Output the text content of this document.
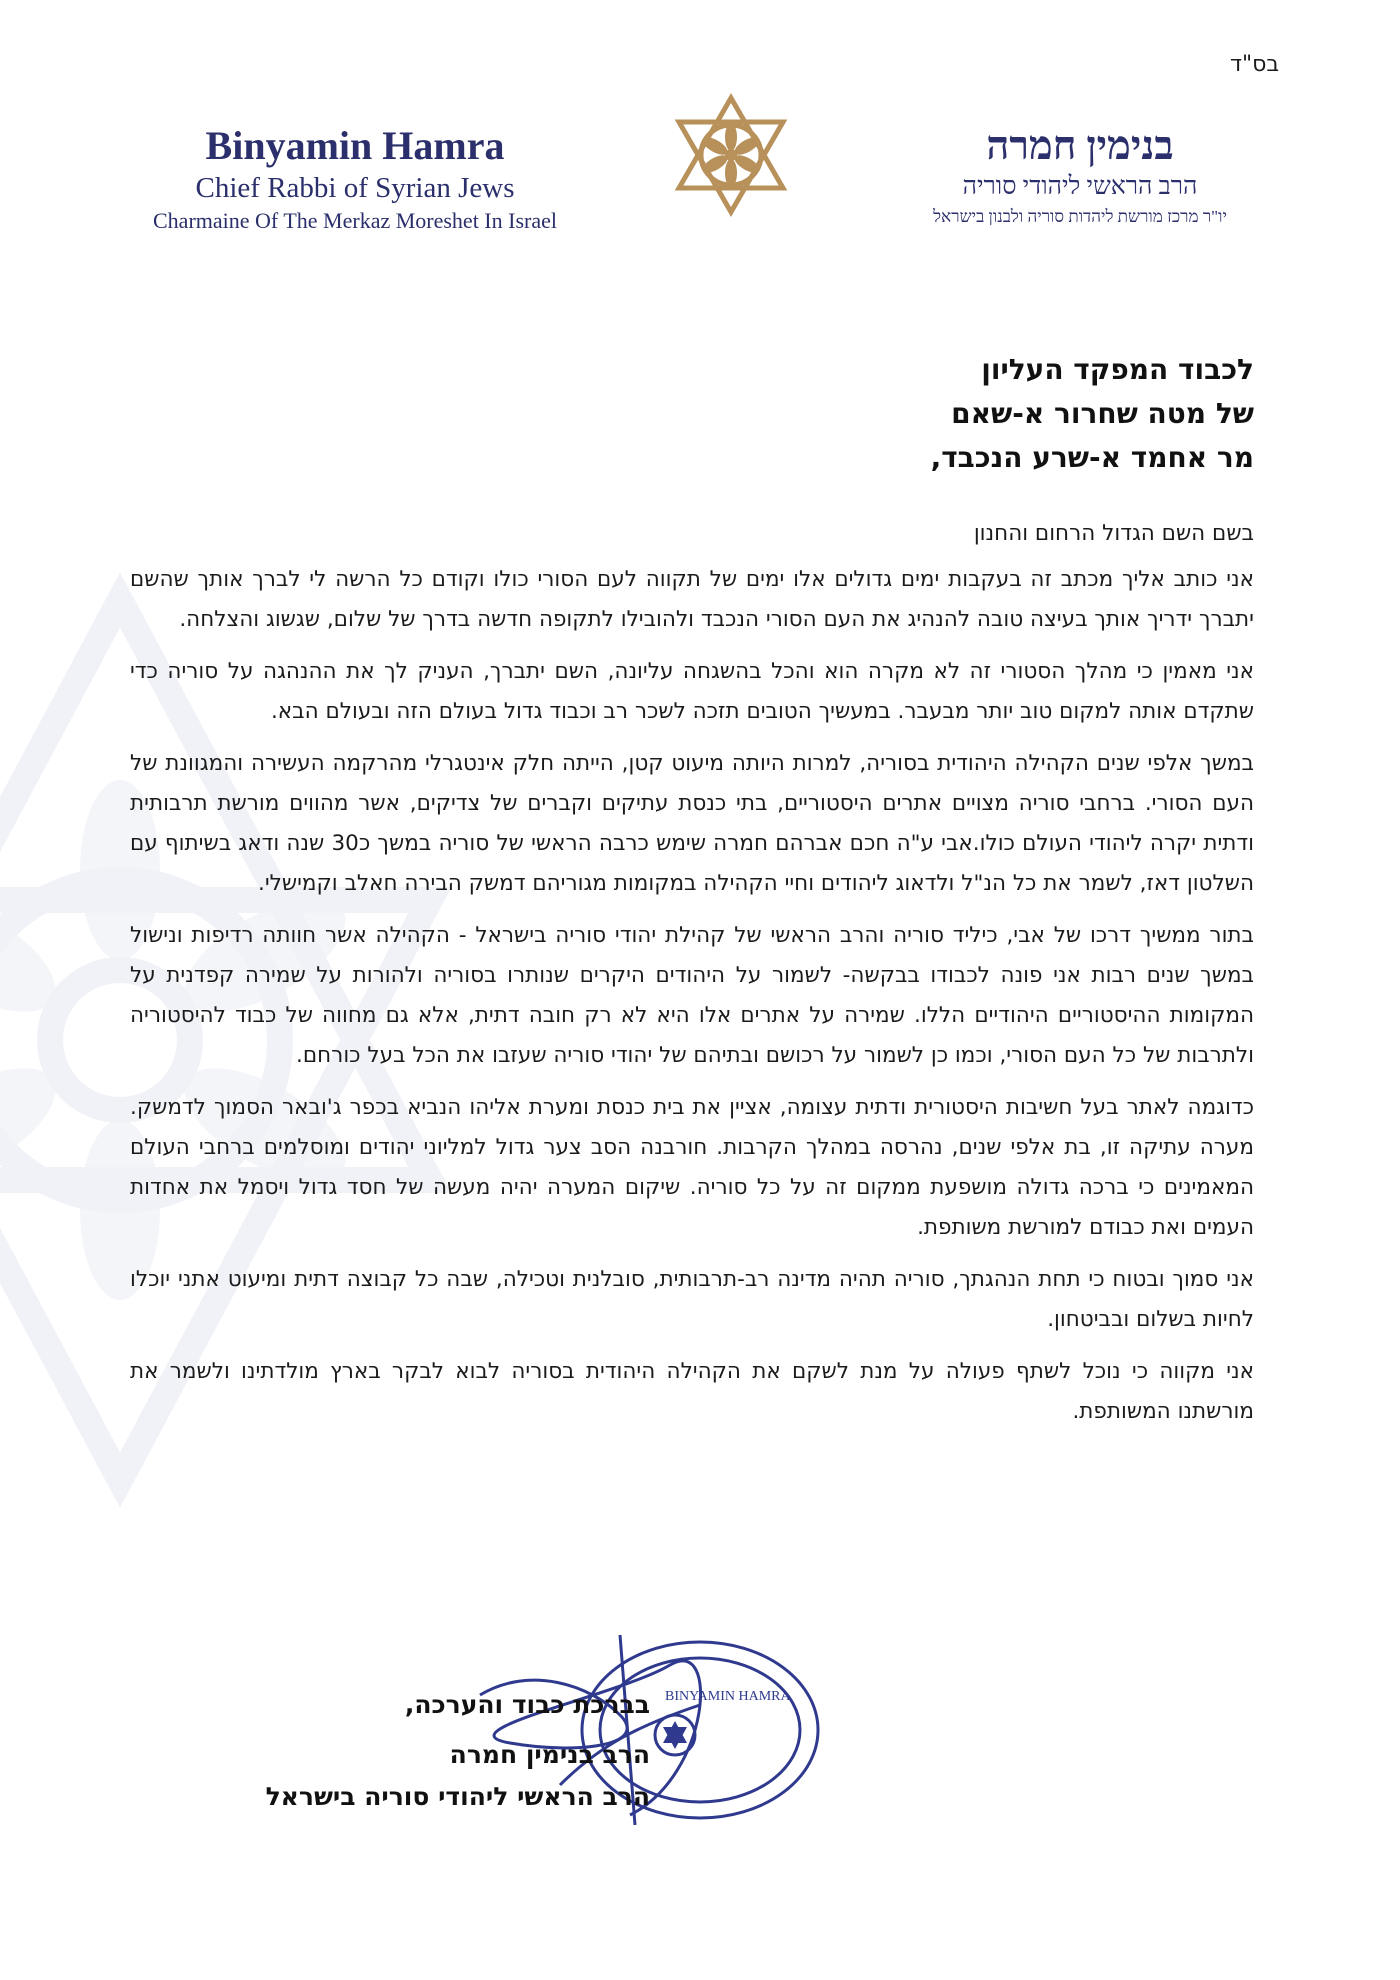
בס"ד
Binyamin Hamra
Chief Rabbi of Syrian Jews
Charmaine Of The Merkaz Moreshet In Israel
בנימין חמרה
הרב הראשי ליהודי סוריה
יו"ר מרכז מורשת ליהדות סוריה ולבנון בישראל
לכבוד המפקד העליון
של מטה שחרור א-שאם
מר אחמד א-שרע הנכבד,

בשם השם הגדול הרחום והחנון

אני כותב אליך מכתב זה בעקבות ימים גדולים אלו ימים של תקווה לעם הסורי כולו וקודם כל הרשה לי לברך אותך שהשם יתברך ידריך אותך בעיצה טובה להנהיג את העם הסורי הנכבד ולהובילו לתקופה חדשה בדרך של שלום, שגשוג והצלחה.

אני מאמין כי מהלך הסטורי זה לא מקרה הוא והכל בהשגחה עליונה, השם יתברך, העניק לך את ההנהגה על סוריה כדי שתקדם אותה למקום טוב יותר מבעבר. במעשיך הטובים תזכה לשכר רב וכבוד גדול בעולם הזה ובעולם הבא.

במשך אלפי שנים הקהילה היהודית בסוריה, למרות היותה מיעוט קטן, הייתה חלק אינטגרלי מהרקמה העשירה והמגוונת של העם הסורי. ברחבי סוריה מצויים אתרים היסטוריים, בתי כנסת עתיקים וקברים של צדיקים, אשר מהווים מורשת תרבותית ודתית יקרה ליהודי העולם כולו.אבי ע"ה חכם אברהם חמרה שימש כרבה הראשי של סוריה במשך כ30 שנה ודאג בשיתוף עם השלטון דאז, לשמר את כל הנ"ל ולדאוג ליהודים וחיי הקהילה במקומות מגוריהם דמשק הבירה חאלב וקמישלי.

בתור ממשיך דרכו של אבי, כיליד סוריה והרב הראשי של קהילת יהודי סוריה בישראל - הקהילה אשר חוותה רדיפות ונישול במשך שנים רבות אני פונה לכבודו בבקשה- לשמור על היהודים היקרים שנותרו בסוריה ולהורות על שמירה קפדנית על המקומות ההיסטוריים היהודיים הללו. שמירה על אתרים אלו היא לא רק חובה דתית, אלא גם מחווה של כבוד להיסטוריה ולתרבות של כל העם הסורי, וכמו כן לשמור על רכושם ובתיהם של יהודי סוריה שעזבו את הכל בעל כורחם.

כדוגמה לאתר בעל חשיבות היסטורית ודתית עצומה, אציין את בית כנסת ומערת אליהו הנביא בכפר ג'ובאר הסמוך לדמשק. מערה עתיקה זו, בת אלפי שנים, נהרסה במהלך הקרבות. חורבנה הסב צער גדול למליוני יהודים ומוסלמים ברחבי העולם המאמינים כי ברכה גדולה מושפעת ממקום זה על כל סוריה. שיקום המערה יהיה מעשה של חסד גדול ויסמל את אחדות העמים ואת כבודם למורשת משותפת.

אני סמוך ובטוח כי תחת הנהגתך, סוריה תהיה מדינה רב-תרבותית, סובלנית וטכילה, שבה כל קבוצה דתית ומיעוט אתני יוכלו לחיות בשלום ובביטחון.

אני מקווה כי נוכל לשתף פעולה על מנת לשקם את הקהילה היהודית בסוריה לבוא לבקר בארץ מולדתינו ולשמר את מורשתנו המשותפת.

BINYAMIN HAMRA
בברכת כבוד והערכה,
הרב בנימין חמרה
הרב הראשי ליהודי סוריה בישראל
